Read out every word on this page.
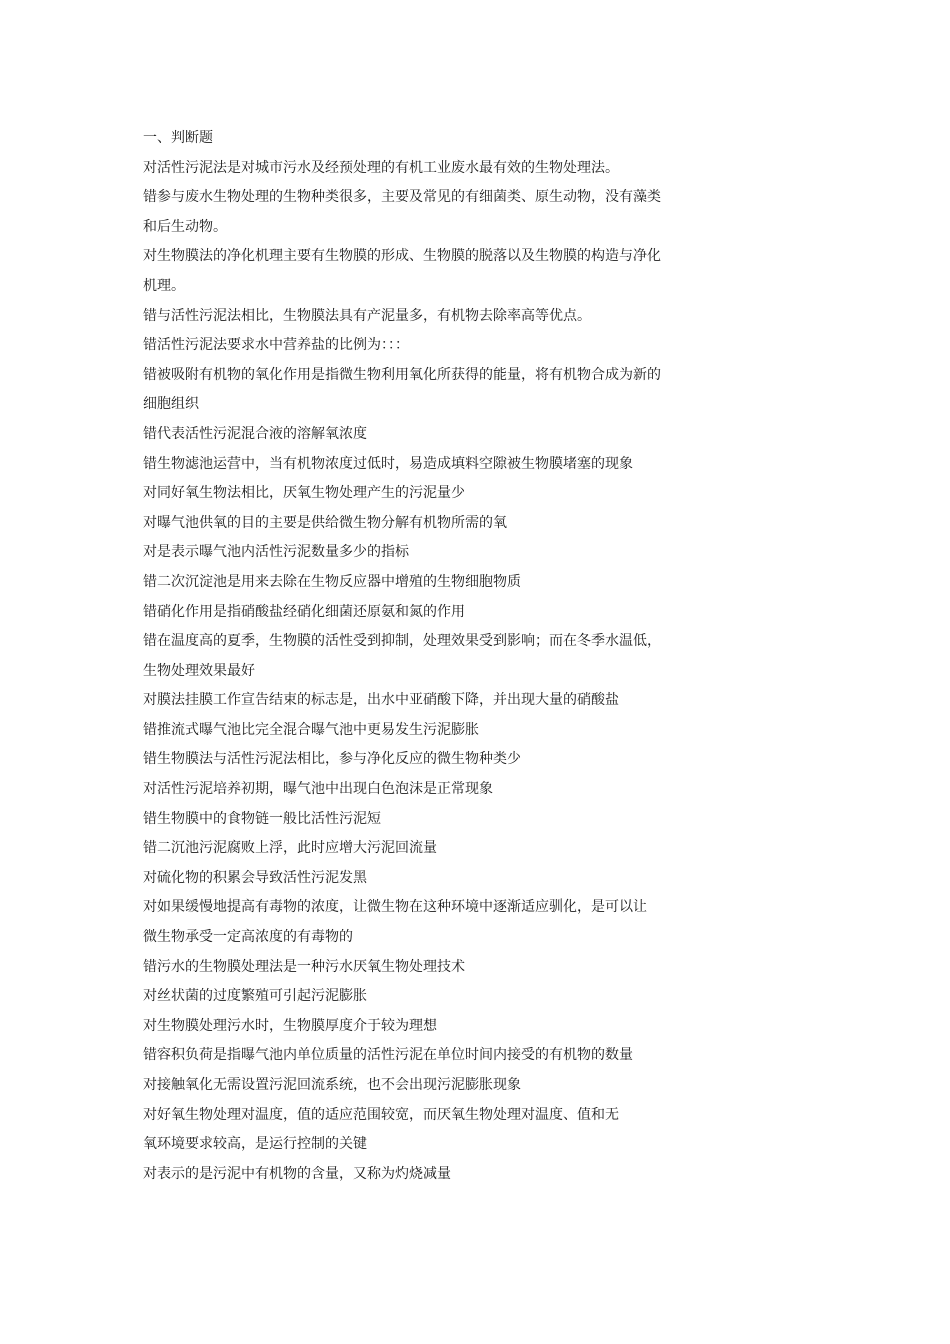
一、判断题
对活性污泥法是对城市污水及经预处理的有机工业废水最有效的生物处理法。
错参与废水生物处理的生物种类很多，主要及常见的有细菌类、原生动物，没有藻类
和后生动物。
对生物膜法的净化机理主要有生物膜的形成、生物膜的脱落以及生物膜的构造与净化
机理。
错与活性污泥法相比，生物膜法具有产泥量多，有机物去除率高等优点。
错活性污泥法要求水中营养盐的比例为：：：
错被吸附有机物的氧化作用是指微生物利用氧化所获得的能量，将有机物合成为新的
细胞组织
错代表活性污泥混合液的溶解氧浓度
错生物滤池运营中，当有机物浓度过低时，易造成填料空隙被生物膜堵塞的现象
对同好氧生物法相比，厌氧生物处理产生的污泥量少
对曝气池供氧的目的主要是供给微生物分解有机物所需的氧
对是表示曝气池内活性污泥数量多少的指标
错二次沉淀池是用来去除在生物反应器中增殖的生物细胞物质
错硝化作用是指硝酸盐经硝化细菌还原氨和氮的作用
错在温度高的夏季，生物膜的活性受到抑制，处理效果受到影响；而在冬季水温低，
生物处理效果最好
对膜法挂膜工作宣告结束的标志是，出水中亚硝酸下降，并出现大量的硝酸盐
错推流式曝气池比完全混合曝气池中更易发生污泥膨胀
错生物膜法与活性污泥法相比，参与净化反应的微生物种类少
对活性污泥培养初期，曝气池中出现白色泡沫是正常现象
错生物膜中的食物链一般比活性污泥短
错二沉池污泥腐败上浮，此时应增大污泥回流量
对硫化物的积累会导致活性污泥发黑
对如果缓慢地提高有毒物的浓度，让微生物在这种环境中逐渐适应驯化，是可以让
微生物承受一定高浓度的有毒物的
错污水的生物膜处理法是一种污水厌氧生物处理技术
对丝状菌的过度繁殖可引起污泥膨胀
对生物膜处理污水时，生物膜厚度介于较为理想
错容积负荷是指曝气池内单位质量的活性污泥在单位时间内接受的有机物的数量
对接触氧化无需设置污泥回流系统，也不会出现污泥膨胀现象
对好氧生物处理对温度，值的适应范围较宽，而厌氧生物处理对温度、值和无
氧环境要求较高，是运行控制的关键
对表示的是污泥中有机物的含量，又称为灼烧减量
